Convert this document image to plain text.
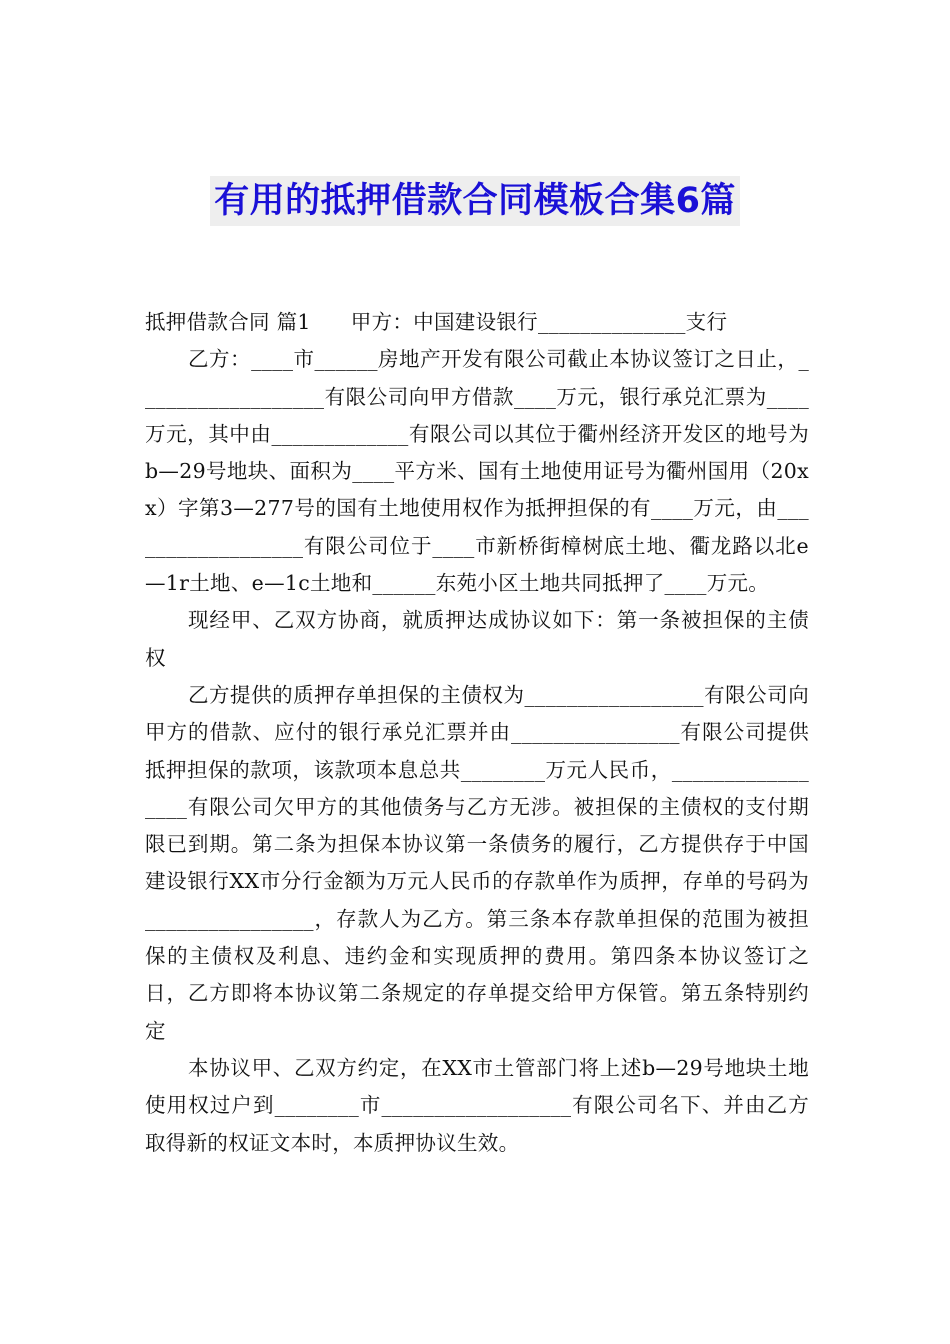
有用的抵押借款合同模板合集6篇

抵押借款合同 篇1 甲方：中国建设银行______________支行

乙方：____市______房地产开发有限公司截止本协议签订之日止，__________________有限公司向甲方借款____万元，银行承兑汇票为____万元，其中由_____________有限公司以其位于衢州经济开发区的地号为b—29号地块、面积为____平方米、国有土地使用证号为衢州国用（20xx）字第3—277号的国有土地使用权作为抵押担保的有____万元，由__________________有限公司位于____市新桥街樟树底土地、衢龙路以北e—1r土地、e—1c土地和______东苑小区土地共同抵押了____万元。

现经甲、乙双方协商，就质押达成协议如下：第一条被担保的主债权

乙方提供的质押存单担保的主债权为_________________有限公司向甲方的借款、应付的银行承兑汇票并由________________有限公司提供抵押担保的款项，该款项本息总共________万元人民币，_________________有限公司欠甲方的其他债务与乙方无涉。被担保的主债权的支付期限已到期。第二条为担保本协议第一条债务的履行，乙方提供存于中国建设银行XX市分行金额为万元人民币的存款单作为质押，存单的号码为________________，存款人为乙方。第三条本存款单担保的范围为被担保的主债权及利息、违约金和实现质押的费用。第四条本协议签订之日，乙方即将本协议第二条规定的存单提交给甲方保管。第五条特别约定

本协议甲、乙双方约定，在XX市土管部门将上述b—29号地块土地使用权过户到________市__________________有限公司名下、并由乙方取得新的权证文本时，本质押协议生效。
